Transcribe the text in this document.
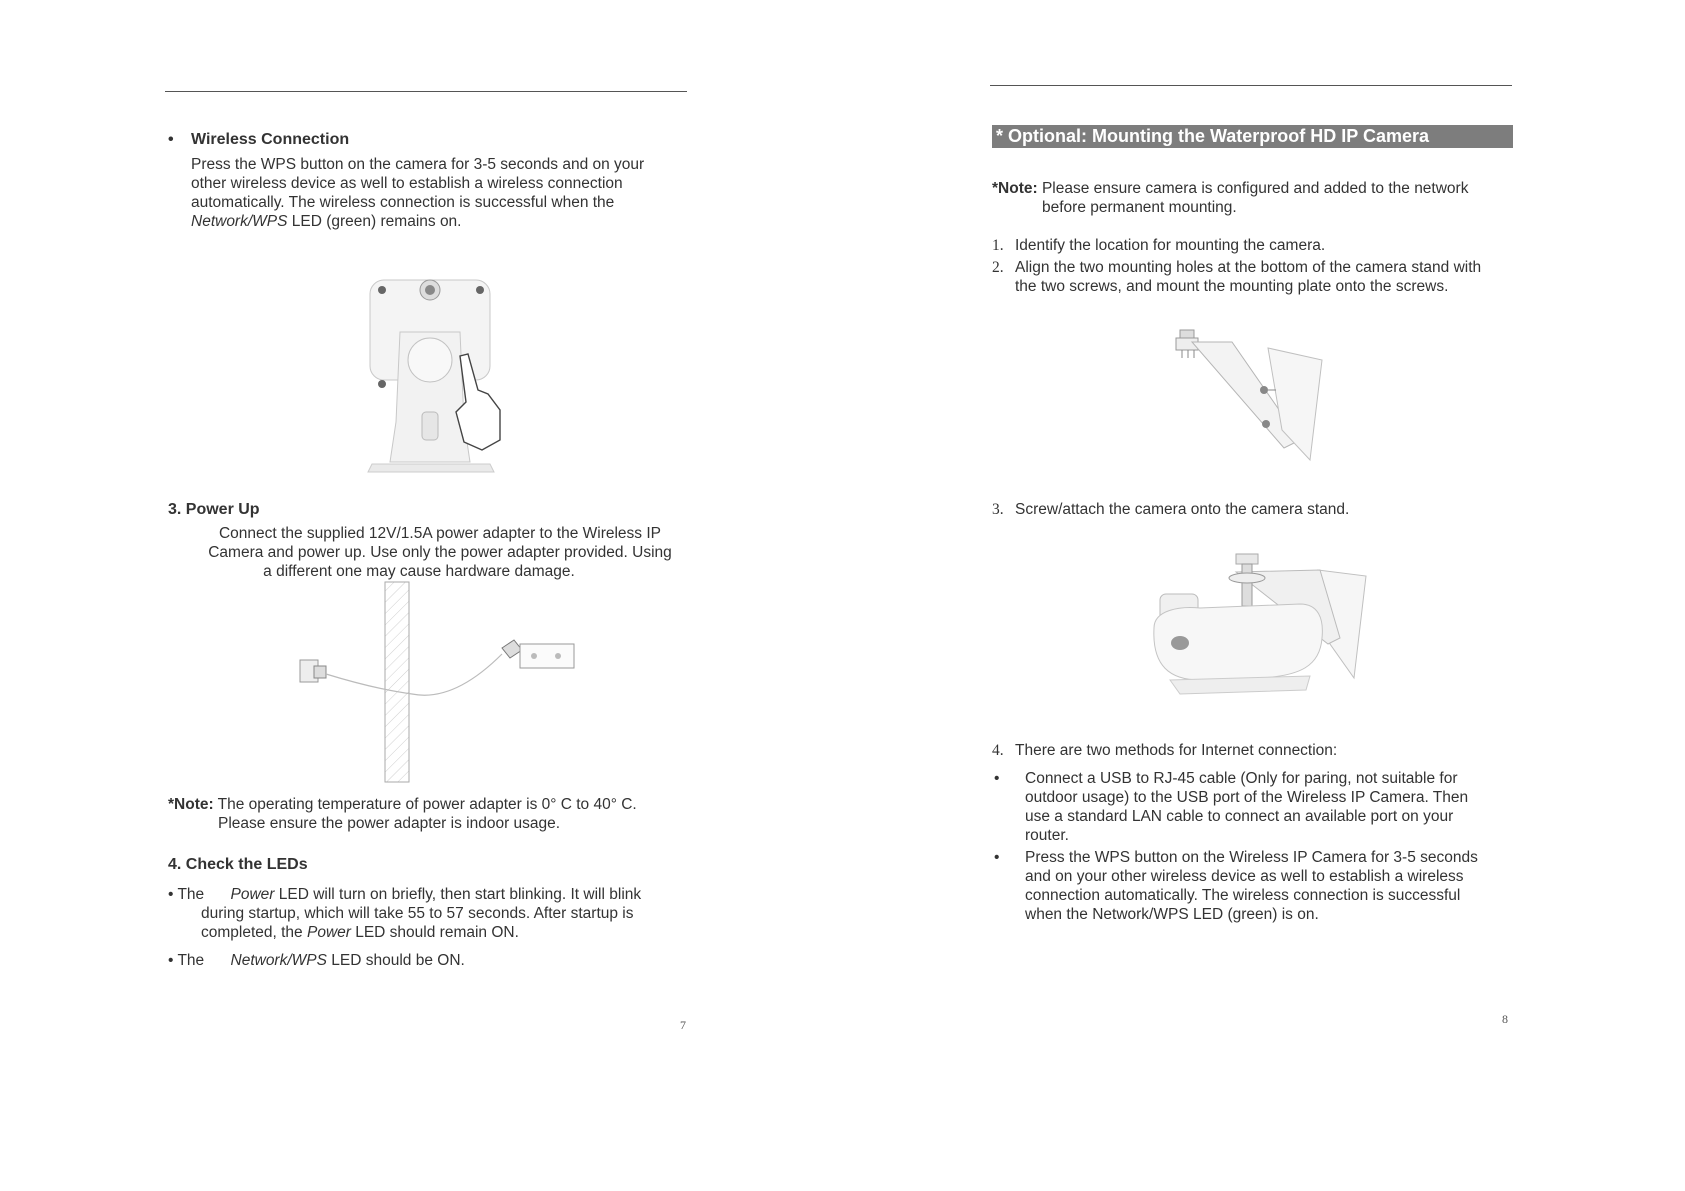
• Wireless Connection
Press the WPS button on the camera for 3-5 seconds and on your
other wireless device as well to establish a wireless connection
automatically. The wireless connection is successful when the
Network/WPS LED (green) remains on.
3. Power Up
Connect the supplied 12V/1.5A power adapter to the Wireless IP
Camera and power up. Use only the power adapter provided. Using
a different one may cause hardware damage.
*Note: The operating temperature of power adapter is 0° C to 40° C.
Please ensure the power adapter is indoor usage.
4. Check the LEDs
• The Power LED will turn on briefly, then start blinking. It will blink
during startup, which will take 55 to 57 seconds. After startup is
completed, the Power LED should remain ON.
• The Network/WPS LED should be ON.
7
* Optional: Mounting the Waterproof HD IP Camera
*Note: Please ensure camera is configured and added to the network
before permanent mounting.
1. Identify the location for mounting the camera.
2. Align the two mounting holes at the bottom of the camera stand with
the two screws, and mount the mounting plate onto the screws.
3. Screw/attach the camera onto the camera stand.
4. There are two methods for Internet connection:
•	Connect a USB to RJ-45 cable (Only for paring, not suitable for
outdoor usage) to the USB port of the Wireless IP Camera. Then
use a standard LAN cable to connect an available port on your
router.
•	Press the WPS button on the Wireless IP Camera for 3-5 seconds
and on your other wireless device as well to establish a wireless
connection automatically. The wireless connection is successful
when the Network/WPS LED (green) is on.
8
